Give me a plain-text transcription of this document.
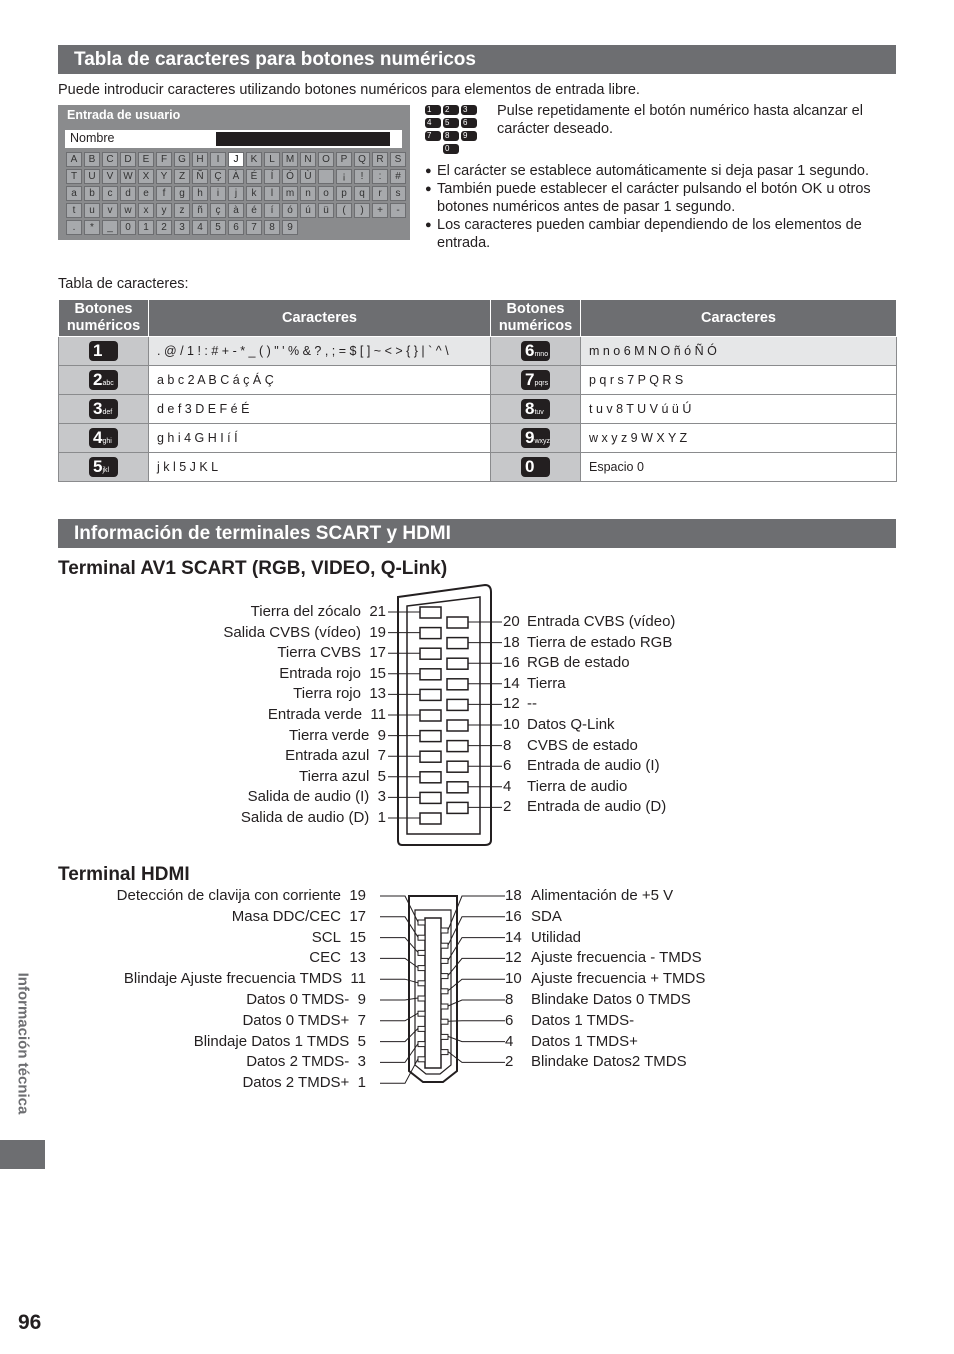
Tabla de caracteres para botones numéricos
Puede introducir caracteres utilizando botones numéricos para elementos de entrada libre.
Entrada de usuario
Nombre
A B C D E F G H I J K L M N O P Q R S
T U V W X Y Z Ñ Ç À É Í Ó Ù	¡ ! : #
a b c d e f g h i j k l m n o p q r s
t u v w x y z ñ ç à é í ó ú ü ( ) + -
. * _ 0 1 2 3 4 5 6 7 8 9
1	2	3
4	5	6
7	8	9
0
Pulse repetidamente el botón numérico hasta alcanzar el carácter deseado.
● El carácter se establece automáticamente si deja pasar 1 segundo.
● También puede establecer el carácter pulsando el botón OK u otros botones numéricos antes de pasar 1 segundo.
● Los caracteres pueden cambiar dependiendo de los elementos de entrada.
Tabla de caracteres:
Botones numéricos	Caracteres	Botones numéricos	Caracteres
1	. @ / 1 ! : # + - * _ ( ) " ' % & ? , ; = $ [ ] ~ < > { } | ` ^ \	6mno	m n o 6 M N O ñ ó Ñ Ó
2abc	a b c 2 A B C á ç Á Ç	7pqrs	p q r s 7 P Q R S
3def	d e f 3 D E F é É	8tuv	t u v 8 T U V ú ü Ú
4ghi	g h i 4 G H I í Í	9wxyz	w x y z 9 W X Y Z
5jkl	j k l 5 J K L	0	Espacio 0
Información de terminales SCART y HDMI
Terminal AV1 SCART (RGB, VIDEO, Q-Link)
Tierra del zócalo 21
Salida CVBS (vídeo) 19
Tierra CVBS 17
Entrada rojo 15
Tierra rojo 13
Entrada verde 11
Tierra verde 9
Entrada azul 7
Tierra azul 5
Salida de audio (I) 3
Salida de audio (D) 1
20 Entrada CVBS (vídeo)
18 Tierra de estado RGB
16 RGB de estado
14 Tierra
12 --
10 Datos Q-Link
8 CVBS de estado
6 Entrada de audio (I)
4 Tierra de audio
2 Entrada de audio (D)
Terminal HDMI
Detección de clavija con corriente 19
Masa DDC/CEC 17
SCL 15
CEC 13
Blindaje Ajuste frecuencia TMDS 11
Datos 0 TMDS- 9
Datos 0 TMDS+ 7
Blindaje Datos 1 TMDS 5
Datos 2 TMDS- 3
Datos 2 TMDS+ 1
18 Alimentación de +5 V
16 SDA
14 Utilidad
12 Ajuste frecuencia - TMDS
10 Ajuste frecuencia + TMDS
8 Blindake Datos 0 TMDS
6 Datos 1 TMDS-
4 Datos 1 TMDS+
2 Blindake Datos2 TMDS
Información técnica
96
